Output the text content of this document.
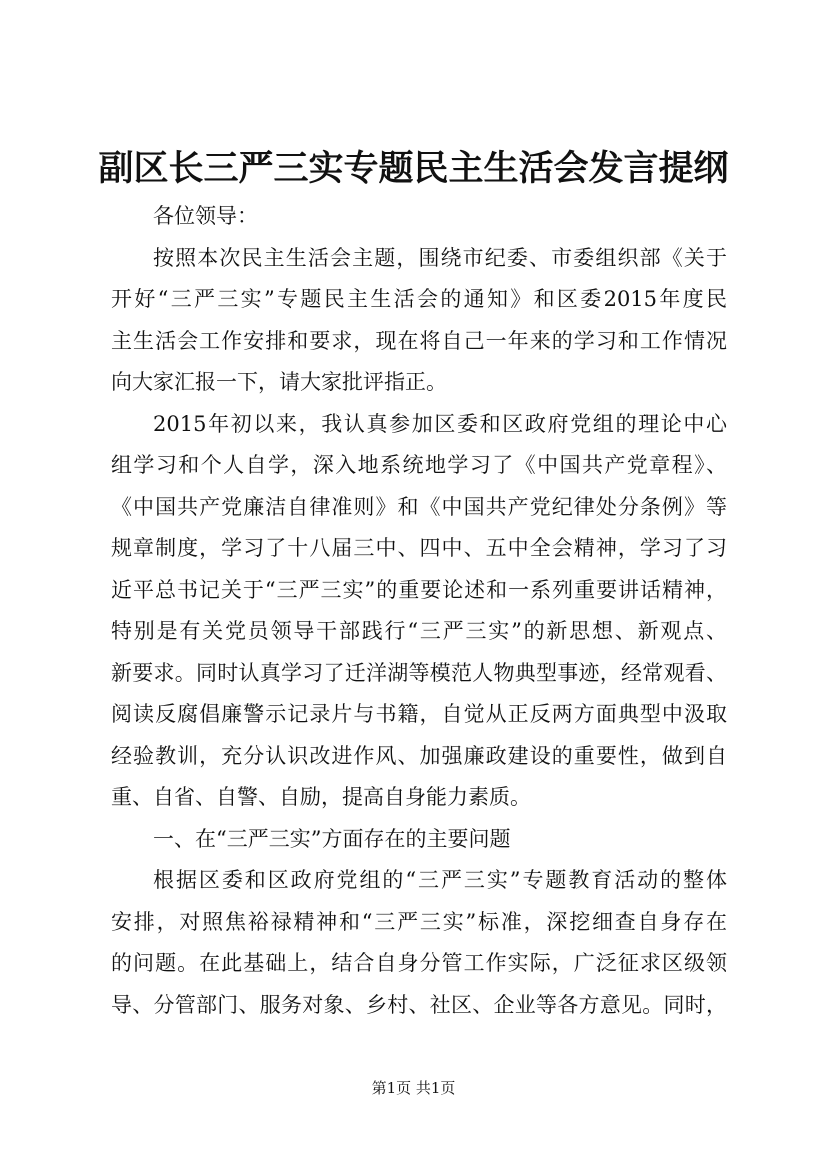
副区长三严三实专题民主生活会发言提纲
各位领导：
按照本次民主生活会主题，围绕市纪委、市委组织部《关于
开好“三严三实”专题民主生活会的通知》和区委2015年度民
主生活会工作安排和要求，现在将自己一年来的学习和工作情况
向大家汇报一下，请大家批评指正。
2015年初以来，我认真参加区委和区政府党组的理论中心
组学习和个人自学，深入地系统地学习了《中国共产党章程》、
《中国共产党廉洁自律准则》和《中国共产党纪律处分条例》等
规章制度，学习了十八届三中、四中、五中全会精神，学习了习
近平总书记关于“三严三实”的重要论述和一系列重要讲话精神，
特别是有关党员领导干部践行“三严三实”的新思想、新观点、
新要求。同时认真学习了迁洋湖等模范人物典型事迹，经常观看、
阅读反腐倡廉警示记录片与书籍，自觉从正反两方面典型中汲取
经验教训，充分认识改进作风、加强廉政建设的重要性，做到自
重、自省、自警、自励，提高自身能力素质。
一、在“三严三实”方面存在的主要问题
根据区委和区政府党组的“三严三实”专题教育活动的整体
安排，对照焦裕禄精神和“三严三实”标准，深挖细查自身存在
的问题。在此基础上，结合自身分管工作实际，广泛征求区级领
导、分管部门、服务对象、乡村、社区、企业等各方意见。同时，
第1页 共1页
